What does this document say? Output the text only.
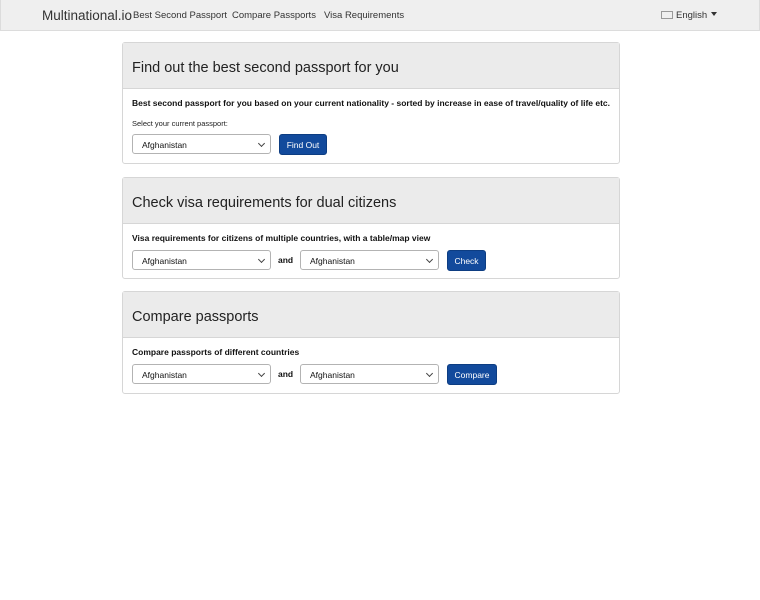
Multinational.io Best Second Passport Compare Passports Visa Requirements	English
Find out the best second passport for you
Best second passport for you based on your current nationality - sorted by increase in ease of travel/quality of life etc.
Select your current passport:
Afghanistan	Find Out
Check visa requirements for dual citizens
Visa requirements for citizens of multiple countries, with a table/map view
Afghanistan	and	Afghanistan	Check
Compare passports
Compare passports of different countries
Afghanistan	and	Afghanistan	Compare
